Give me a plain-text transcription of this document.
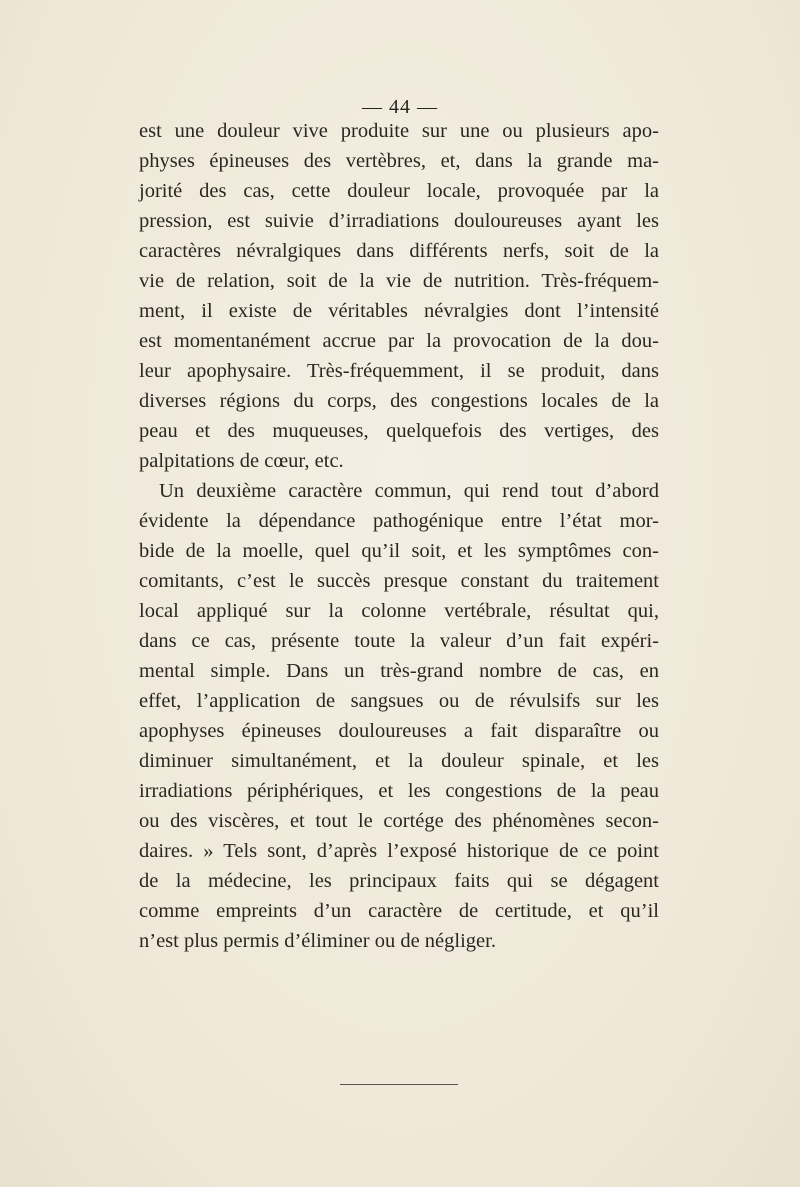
— 44 —
est une douleur vive produite sur une ou plusieurs apo-
physes épineuses des vertèbres, et, dans la grande ma-
jorité des cas, cette douleur locale, provoquée par la
pression, est suivie d’irradiations douloureuses ayant les
caractères névralgiques dans différents nerfs, soit de la
vie de relation, soit de la vie de nutrition. Très-fréquem-
ment, il existe de véritables névralgies dont l’intensité
est momentanément accrue par la provocation de la dou-
leur apophysaire. Très-fréquemment, il se produit, dans
diverses régions du corps, des congestions locales de la
peau et des muqueuses, quelquefois des vertiges, des
palpitations de cœur, etc.
Un deuxième caractère commun, qui rend tout d’abord
évidente la dépendance pathogénique entre l’état mor-
bide de la moelle, quel qu’il soit, et les symptômes con-
comitants, c’est le succès presque constant du traitement
local appliqué sur la colonne vertébrale, résultat qui,
dans ce cas, présente toute la valeur d’un fait expéri-
mental simple. Dans un très-grand nombre de cas, en
effet, l’application de sangsues ou de révulsifs sur les
apophyses épineuses douloureuses a fait disparaître ou
diminuer simultanément, et la douleur spinale, et les
irradiations périphériques, et les congestions de la peau
ou des viscères, et tout le cortége des phénomènes secon-
daires. » Tels sont, d’après l’exposé historique de ce point
de la médecine, les principaux faits qui se dégagent
comme empreints d’un caractère de certitude, et qu’il
n’est plus permis d’éliminer ou de négliger.
